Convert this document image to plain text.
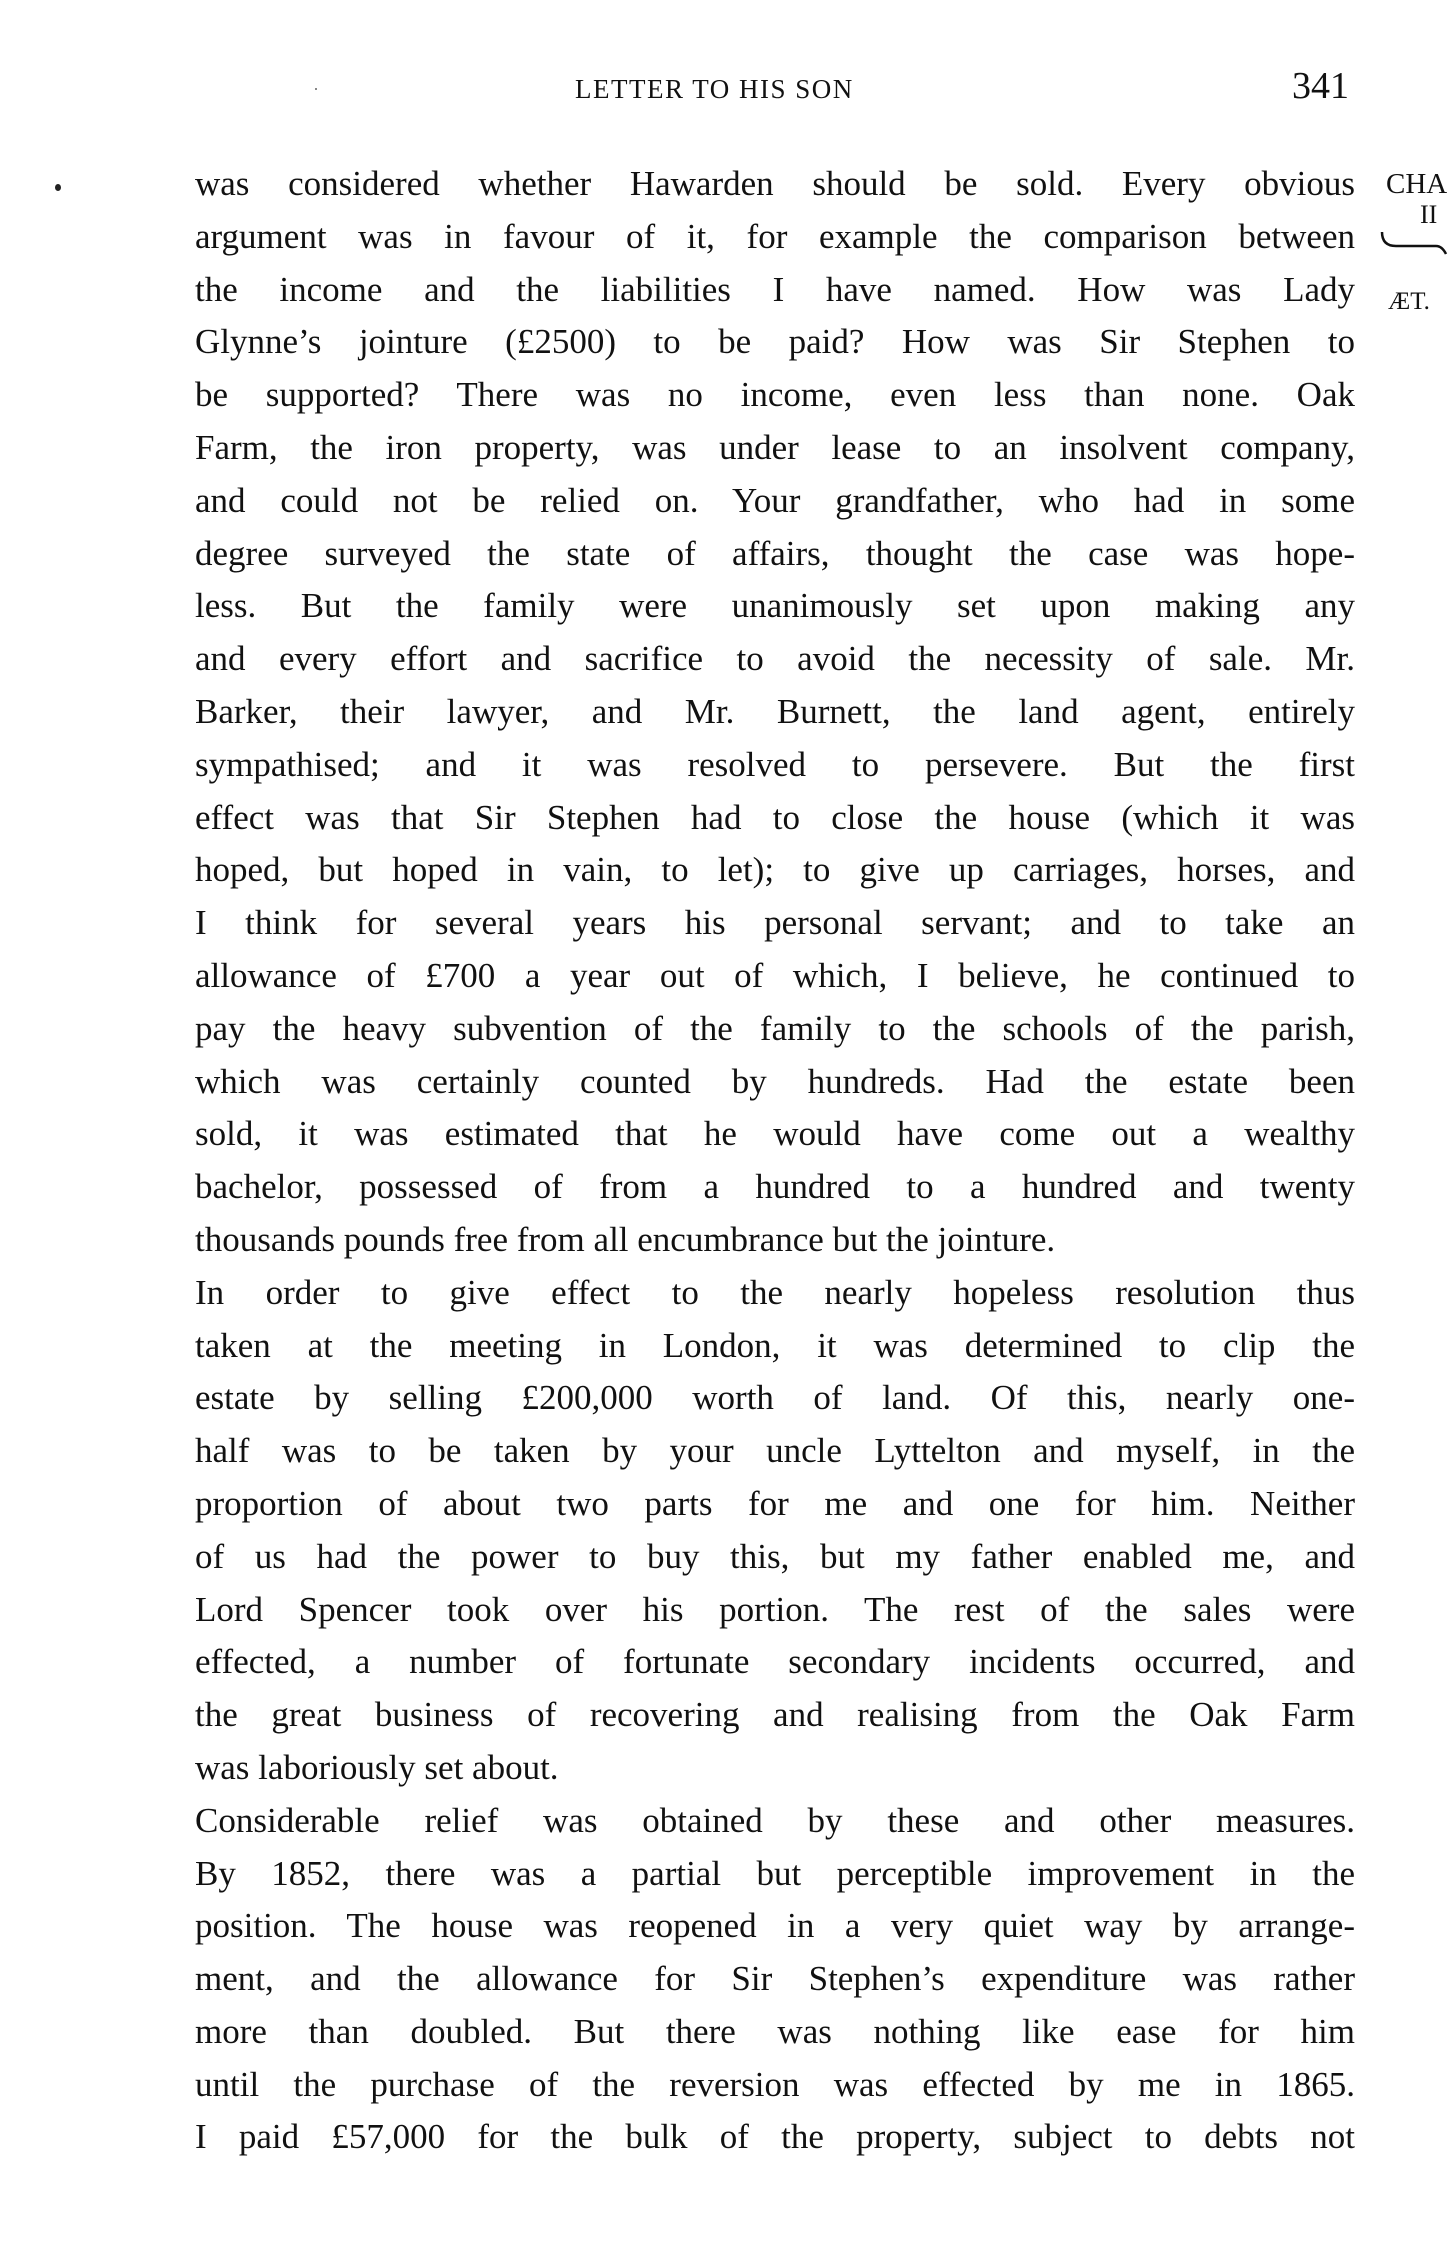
LETTER TO HIS SON	341
CHA
II
ÆT.
was considered whether Hawarden should be sold. Every obvious
argument was in favour of it, for example the comparison between
the income and the liabilities I have named. How was Lady
Glynne’s jointure (£2500) to be paid? How was Sir Stephen to
be supported? There was no income, even less than none. Oak
Farm, the iron property, was under lease to an insolvent company,
and could not be relied on. Your grandfather, who had in some
degree surveyed the state of affairs, thought the case was hope-
less. But the family were unanimously set upon making any
and every effort and sacrifice to avoid the necessity of sale. Mr.
Barker, their lawyer, and Mr. Burnett, the land agent, entirely
sympathised; and it was resolved to persevere. But the first
effect was that Sir Stephen had to close the house (which it was
hoped, but hoped in vain, to let); to give up carriages, horses, and
I think for several years his personal servant; and to take an
allowance of £700 a year out of which, I believe, he continued to
pay the heavy subvention of the family to the schools of the parish,
which was certainly counted by hundreds. Had the estate been
sold, it was estimated that he would have come out a wealthy
bachelor, possessed of from a hundred to a hundred and twenty
thousands pounds free from all encumbrance but the jointure.
In order to give effect to the nearly hopeless resolution thus
taken at the meeting in London, it was determined to clip the
estate by selling £200,000 worth of land. Of this, nearly one-
half was to be taken by your uncle Lyttelton and myself, in the
proportion of about two parts for me and one for him. Neither
of us had the power to buy this, but my father enabled me, and
Lord Spencer took over his portion. The rest of the sales were
effected, a number of fortunate secondary incidents occurred, and
the great business of recovering and realising from the Oak Farm
was laboriously set about.
Considerable relief was obtained by these and other measures.
By 1852, there was a partial but perceptible improvement in the
position. The house was reopened in a very quiet way by arrange-
ment, and the allowance for Sir Stephen’s expenditure was rather
more than doubled. But there was nothing like ease for him
until the purchase of the reversion was effected by me in 1865.
I paid £57,000 for the bulk of the property, subject to debts not
